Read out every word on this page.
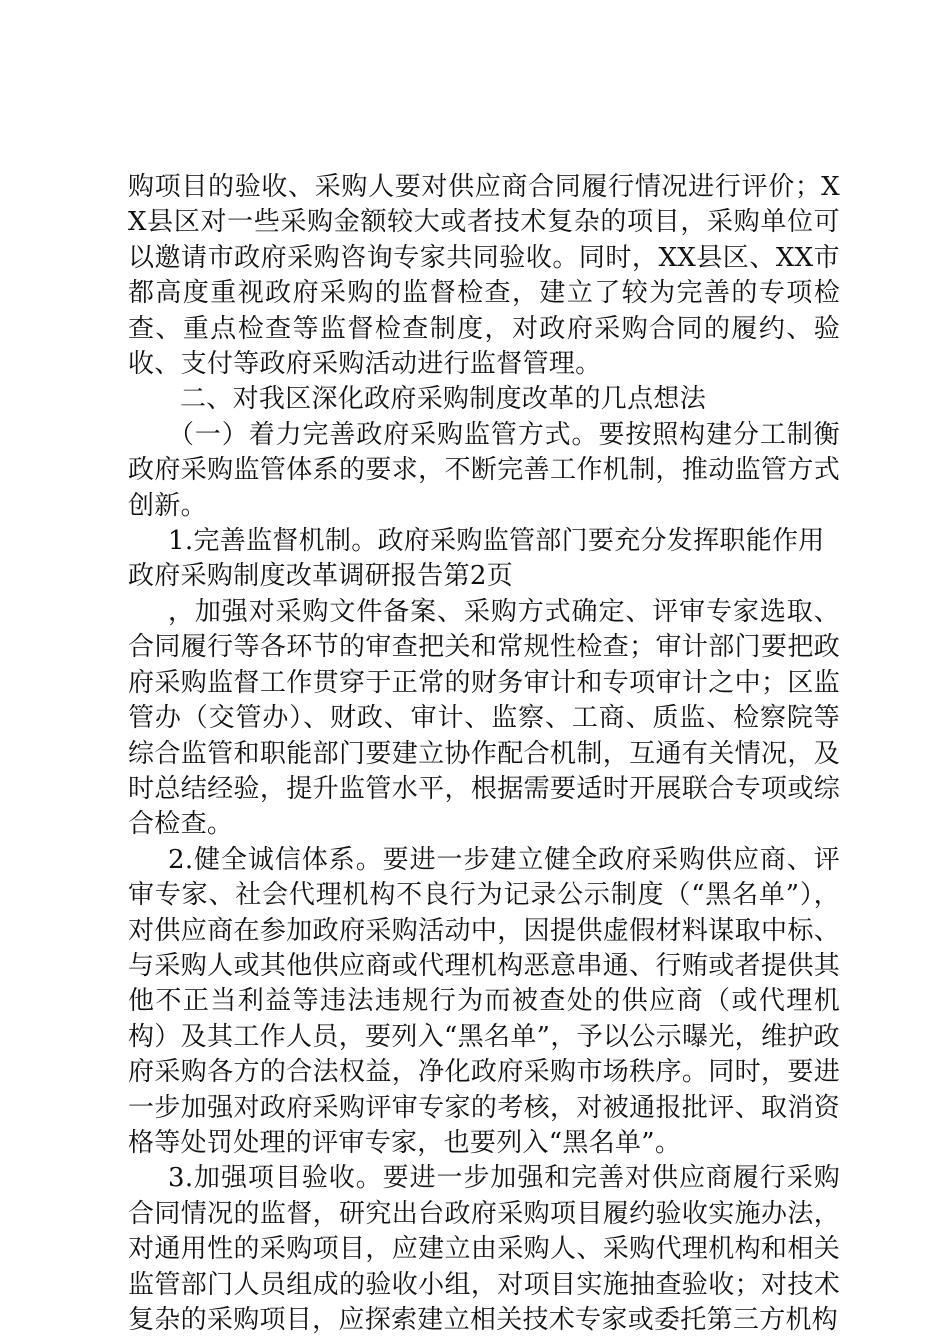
购项目的验收、采购人要对供应商合同履行情况进行评价；XX县区对一些采购金额较大或者技术复杂的项目，采购单位可以邀请市政府采购咨询专家共同验收。同时，XX县区、XX市都高度重视政府采购的监督检查，建立了较为完善的专项检查、重点检查等监督检查制度，对政府采购合同的履约、验收、支付等政府采购活动进行监督管理。

二、对我区深化政府采购制度改革的几点想法

（一）着力完善政府采购监管方式。要按照构建分工制衡政府采购监管体系的要求，不断完善工作机制，推动监管方式创新。

1.完善监督机制。政府采购监管部门要充分发挥职能作用

政府采购制度改革调研报告第2页

，加强对采购文件备案、采购方式确定、评审专家选取、合同履行等各环节的审查把关和常规性检查；审计部门要把政府采购监督工作贯穿于正常的财务审计和专项审计之中；区监管办（交管办）、财政、审计、监察、工商、质监、检察院等综合监管和职能部门要建立协作配合机制，互通有关情况，及时总结经验，提升监管水平，根据需要适时开展联合专项或综合检查。

2.健全诚信体系。要进一步建立健全政府采购供应商、评审专家、社会代理机构不良行为记录公示制度（“黑名单”），对供应商在参加政府采购活动中，因提供虚假材料谋取中标、与采购人或其他供应商或代理机构恶意串通、行贿或者提供其他不正当利益等违法违规行为而被查处的供应商（或代理机构）及其工作人员，要列入“黑名单”，予以公示曝光，维护政府采购各方的合法权益，净化政府采购市场秩序。同时，要进一步加强对政府采购评审专家的考核，对被通报批评、取消资格等处罚处理的评审专家，也要列入“黑名单”。

3.加强项目验收。要进一步加强和完善对供应商履行采购合同情况的监督，研究出台政府采购项目履约验收实施办法，对通用性的采购项目，应建立由采购人、采购代理机构和相关监管部门人员组成的验收小组，对项目实施抽查验收；对技术复杂的采购项目，应探索建立相关技术专家或委托第三方机构
